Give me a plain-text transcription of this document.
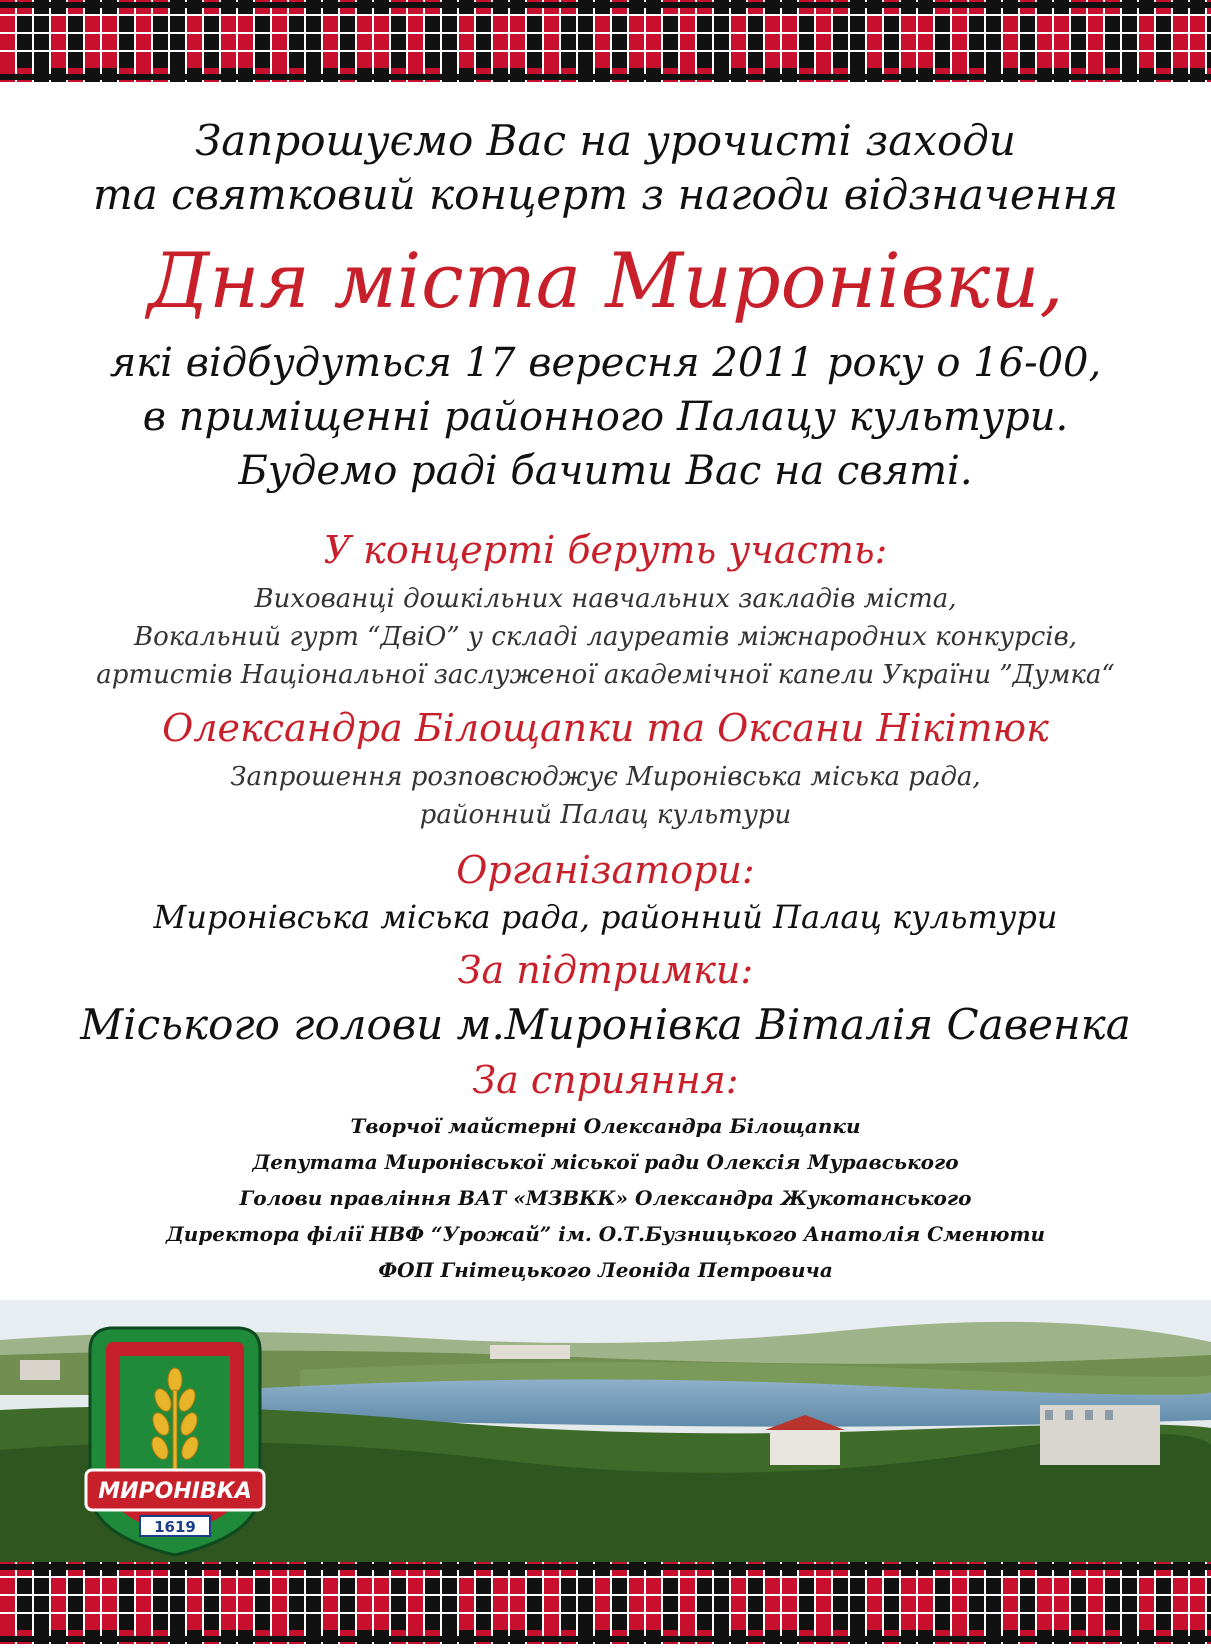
Запрошуємо Вас на урочисті заходи

та святковий концерт з нагоди відзначення

Дня міста Миронівки,

які відбудуться 17 вересня 2011 року о 16-00,

в приміщенні районного Палацу культури.

Будемо раді бачити Вас на святі.

У концерті беруть участь:

Вихованці дошкільних навчальних закладів міста,

Вокальний гурт “ДвіО” у складі лауреатів міжнародних конкурсів,

артистів Національної заслуженої академічної капели України ”Думка“

Олександра Білощапки та Оксани Нікітюк

Запрошення розповсюджує Миронівська міська рада,

районний Палац культури

Організатори:

Миронівська міська рада, районний Палац культури

За підтримки:

Міського голови м.Миронівка Віталія Савенка

За сприяння:

Творчої майстерні Олександра Білощапки

Депутата Миронівської міської ради Олексія Муравського

Голови правління ВАТ «МЗВКК» Олександра Жукотанського

Директора філії НВФ “Урожай” ім. О.Т.Бузницького Анатолія Сменюти

ФОП Гнітецького Леоніда Петровича

МИРОНІВКА
1619
